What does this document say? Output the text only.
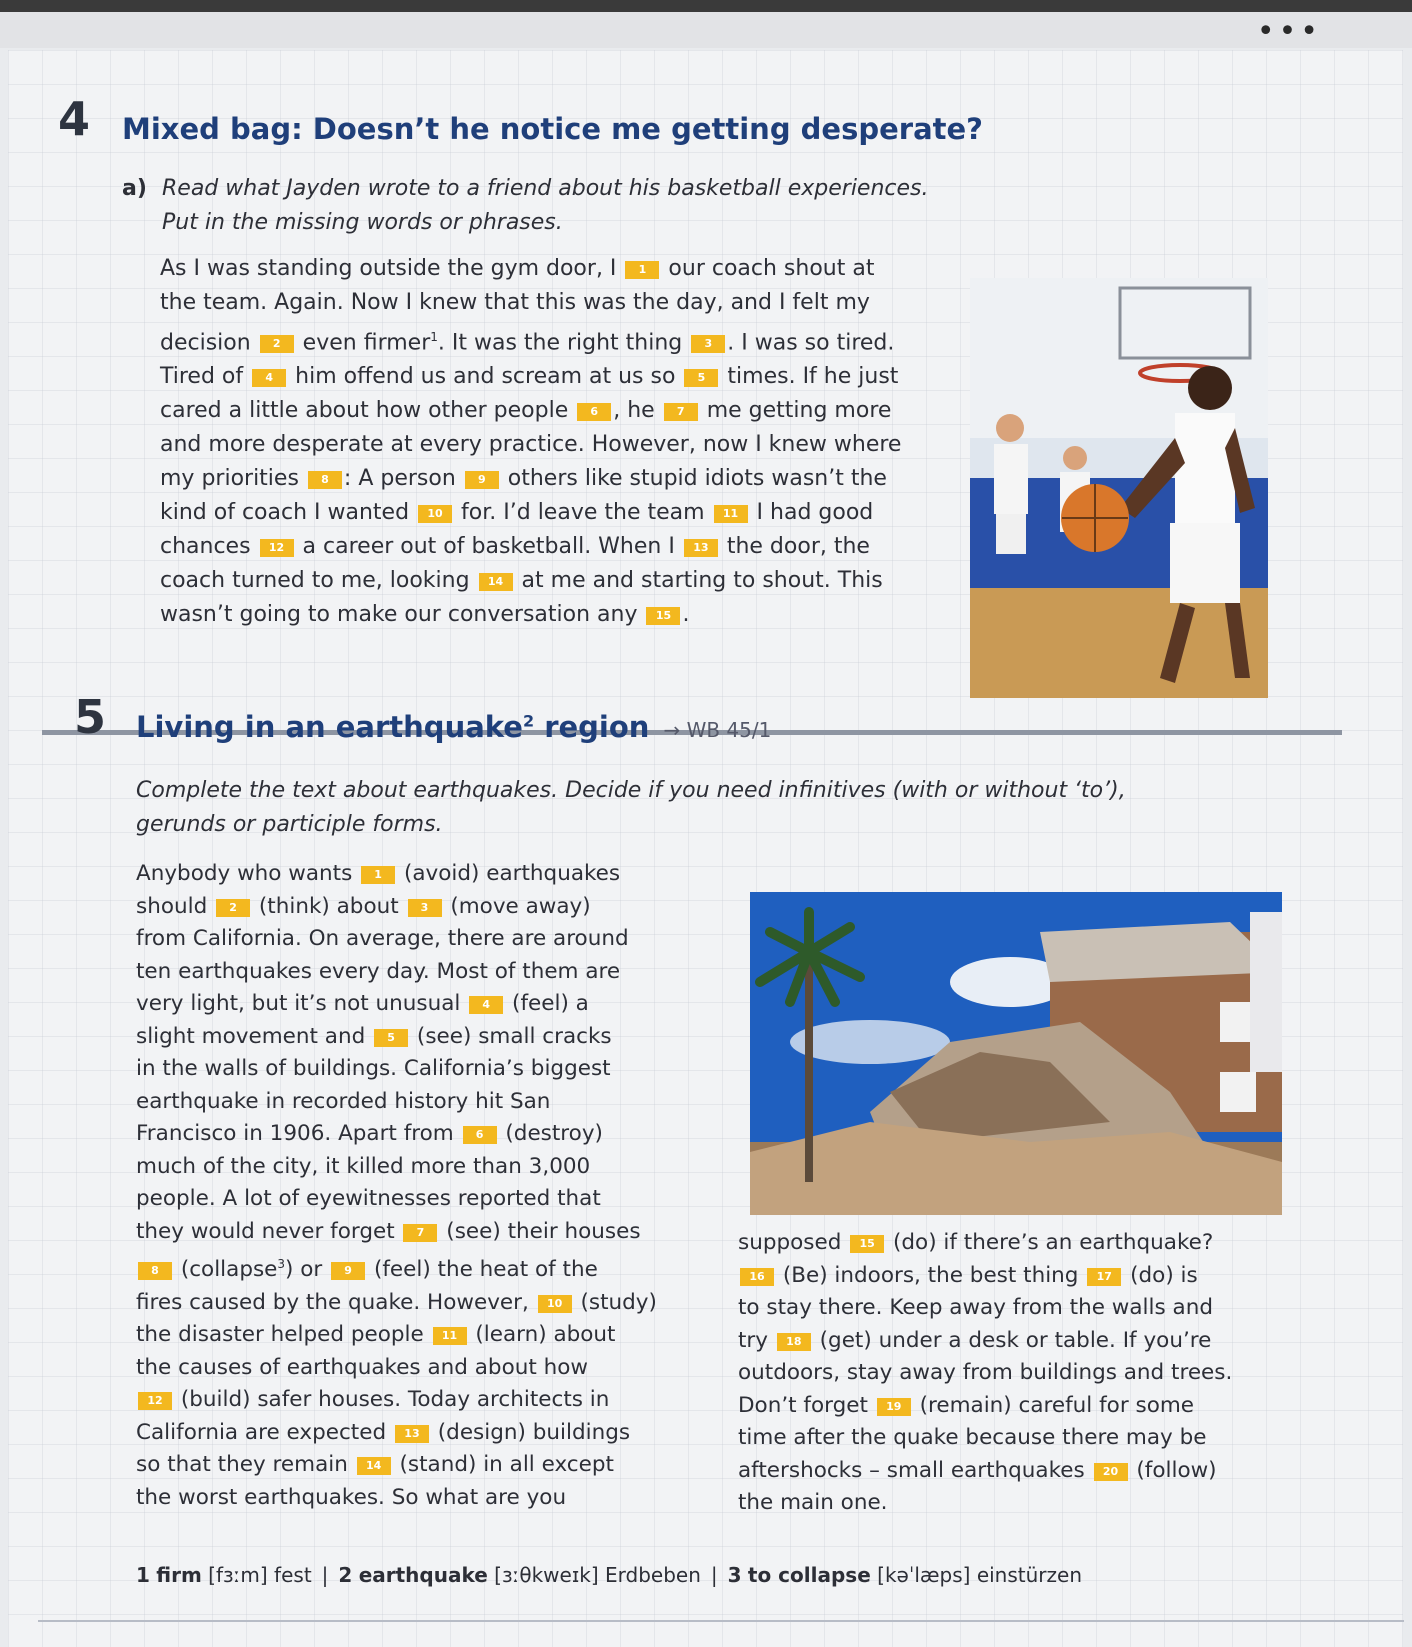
•••
4 Mixed bag: Doesn’t he notice me getting desperate?
a) Read what Jayden wrote to a friend about his basketball experiences.
Put in the missing words or phrases.

As I was standing outside the gym door, I 1 our coach shout at

the team. Again. Now I knew that this was the day, and I felt my

decision 2 even firmer$^1$. It was the right thing 3 . I was so tired.

Tired of 4 him offend us and scream at us so 5 times. If he just

cared a little about how other people 6 , he 7 me getting more

and more desperate at every practice. However, now I knew where

my priorities 8 : A person 9 others like stupid idiots wasn’t the

kind of coach I wanted 10 for. I’d leave the team 11 I had good

chances 12 a career out of basketball. When I 13 the door, the

coach turned to me, looking 14 at me and starting to shout. This

wasn’t going to make our conversation any 15 .

5 Living in an earthquake$^2$ region → WB 45/1
Complete the text about earthquakes. Decide if you need infinitives (with or without ‘to’),
gerunds or participle forms.

Anybody who wants 1 (avoid) earthquakes

should 2 (think) about 3 (move away)

from California. On average, there are around

ten earthquakes every day. Most of them are

very light, but it’s not unusual 4 (feel) a

slight movement and 5 (see) small cracks

in the walls of buildings. California’s biggest

earthquake in recorded history hit San

Francisco in 1906. Apart from 6 (destroy)

much of the city, it killed more than 3,000

people. A lot of eyewitnesses reported that

they would never forget 7 (see) their houses

8 (collapse$^3$) or 9 (feel) the heat of the

fires caused by the quake. However, 10 (study)

the disaster helped people 11 (learn) about

the causes of earthquakes and about how

12 (build) safer houses. Today architects in

California are expected 13 (design) buildings

so that they remain 14 (stand) in all except

the worst earthquakes. So what are you

supposed 15 (do) if there’s an earthquake?

16 (Be) indoors, the best thing 17 (do) is

to stay there. Keep away from the walls and

try 18 (get) under a desk or table. If you’re

outdoors, stay away from buildings and trees.

Don’t forget 19 (remain) careful for some

time after the quake because there may be

aftershocks – small earthquakes 20 (follow)

the main one.

1 firm [fɜːm] fest | 2 earthquake [ɜːθkweɪk] Erdbeben | 3 to collapse [kəˈlæps] einstürzen
